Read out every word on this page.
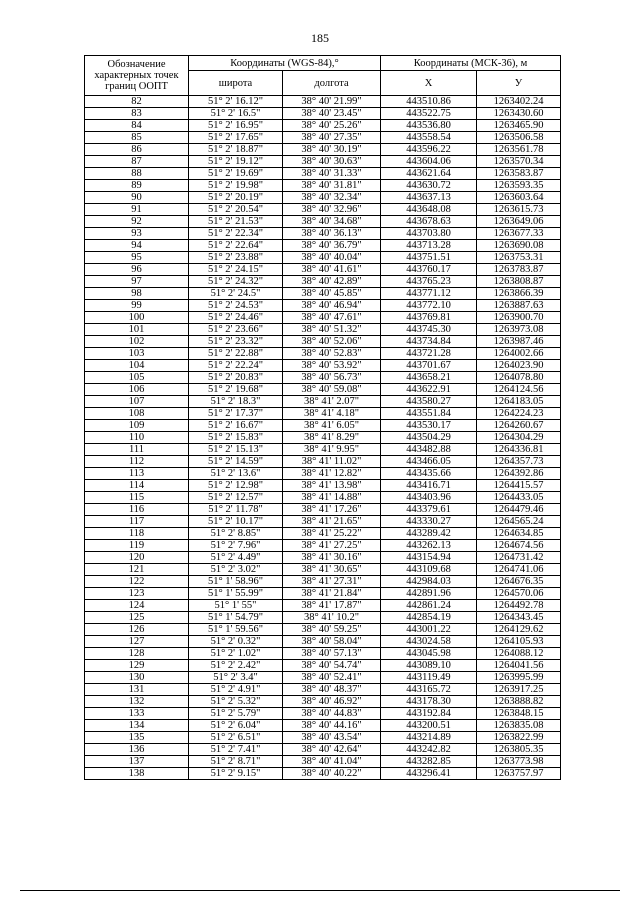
185
Обозначение характерных точек границ ООПТ	Координаты (WGS-84),°		Координаты (МСК-36), м	
	широта	долгота	X	У
82	51° 2' 16.12"	38° 40' 21.99"	443510.86	1263402.24
83	51° 2' 16.5"	38° 40' 23.45"	443522.75	1263430.60
84	51° 2' 16.95"	38° 40' 25.26"	443536.80	1263465.90
85	51° 2' 17.65"	38° 40' 27.35"	443558.54	1263506.58
86	51° 2' 18.87"	38° 40' 30.19"	443596.22	1263561.78
87	51° 2' 19.12"	38° 40' 30.63"	443604.06	1263570.34
88	51° 2' 19.69"	38° 40' 31.33"	443621.64	1263583.87
89	51° 2' 19.98"	38° 40' 31.81"	443630.72	1263593.35
90	51° 2' 20.19"	38° 40' 32.34"	443637.13	1263603.64
91	51° 2' 20.54"	38° 40' 32.96"	443648.08	1263615.73
92	51° 2' 21.53"	38° 40' 34.68"	443678.63	1263649.06
93	51° 2' 22.34"	38° 40' 36.13"	443703.80	1263677.33
94	51° 2' 22.64"	38° 40' 36.79"	443713.28	1263690.08
95	51° 2' 23.88"	38° 40' 40.04"	443751.51	1263753.31
96	51° 2' 24.15"	38° 40' 41.61"	443760.17	1263783.87
97	51° 2' 24.32"	38° 40' 42.89"	443765.23	1263808.87
98	51° 2' 24.5"	38° 40' 45.85"	443771.12	1263866.39
99	51° 2' 24.53"	38° 40' 46.94"	443772.10	1263887.63
100	51° 2' 24.46"	38° 40' 47.61"	443769.81	1263900.70
101	51° 2' 23.66"	38° 40' 51.32"	443745.30	1263973.08
102	51° 2' 23.32"	38° 40' 52.06"	443734.84	1263987.46
103	51° 2' 22.88"	38° 40' 52.83"	443721.28	1264002.66
104	51° 2' 22.24"	38° 40' 53.92"	443701.67	1264023.90
105	51° 2' 20.83"	38° 40' 56.73"	443658.21	1264078.80
106	51° 2' 19.68"	38° 40' 59.08"	443622.91	1264124.56
107	51° 2' 18.3"	38° 41' 2.07"	443580.27	1264183.05
108	51° 2' 17.37"	38° 41' 4.18"	443551.84	1264224.23
109	51° 2' 16.67"	38° 41' 6.05"	443530.17	1264260.67
110	51° 2' 15.83"	38° 41' 8.29"	443504.29	1264304.29
111	51° 2' 15.13"	38° 41' 9.95"	443482.88	1264336.81
112	51° 2' 14.59"	38° 41' 11.02"	443466.05	1264357.73
113	51° 2' 13.6"	38° 41' 12.82"	443435.66	1264392.86
114	51° 2' 12.98"	38° 41' 13.98"	443416.71	1264415.57
115	51° 2' 12.57"	38° 41' 14.88"	443403.96	1264433.05
116	51° 2' 11.78"	38° 41' 17.26"	443379.61	1264479.46
117	51° 2' 10.17"	38° 41' 21.65"	443330.27	1264565.24
118	51° 2' 8.85"	38° 41' 25.22"	443289.42	1264634.85
119	51° 2' 7.96"	38° 41' 27.25"	443262.13	1264674.56
120	51° 2' 4.49"	38° 41' 30.16"	443154.94	1264731.42
121	51° 2' 3.02"	38° 41' 30.65"	443109.68	1264741.06
122	51° 1' 58.96"	38° 41' 27.31"	442984.03	1264676.35
123	51° 1' 55.99"	38° 41' 21.84"	442891.96	1264570.06
124	51° 1' 55"	38° 41' 17.87"	442861.24	1264492.78
125	51° 1' 54.79"	38° 41' 10.2"	442854.19	1264343.45
126	51° 1' 59.56"	38° 40' 59.25"	443001.22	1264129.62
127	51° 2' 0.32"	38° 40' 58.04"	443024.58	1264105.93
128	51° 2' 1.02"	38° 40' 57.13"	443045.98	1264088.12
129	51° 2' 2.42"	38° 40' 54.74"	443089.10	1264041.56
130	51° 2' 3.4"	38° 40' 52.41"	443119.49	1263995.99
131	51° 2' 4.91"	38° 40' 48.37"	443165.72	1263917.25
132	51° 2' 5.32"	38° 40' 46.92"	443178.30	1263888.82
133	51° 2' 5.79"	38° 40' 44.83"	443192.84	1263848.15
134	51° 2' 6.04"	38° 40' 44.16"	443200.51	1263835.08
135	51° 2' 6.51"	38° 40' 43.54"	443214.89	1263822.99
136	51° 2' 7.41"	38° 40' 42.64"	443242.82	1263805.35
137	51° 2' 8.71"	38° 40' 41.04"	443282.85	1263773.98
138	51° 2' 9.15"	38° 40' 40.22"	443296.41	1263757.97
